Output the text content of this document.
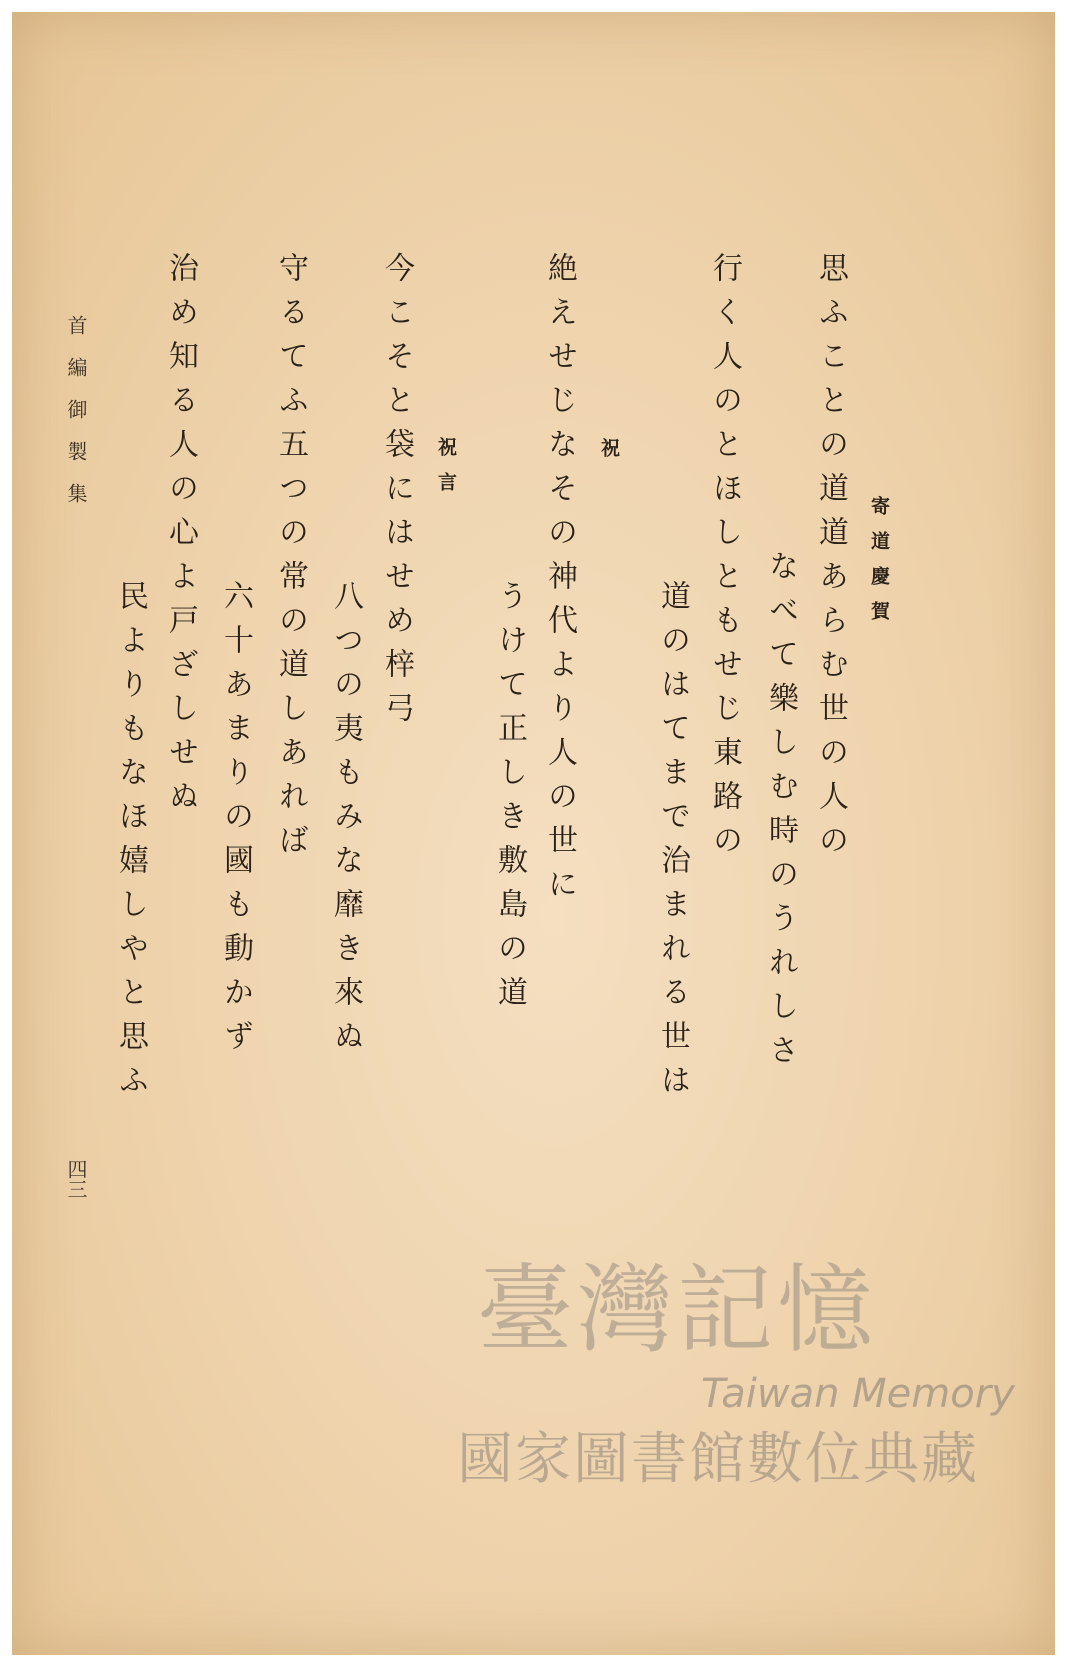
寄道慶賀
思ふことの道道あらむ世の人の
なべて樂しむ時のうれしさ
行く人のとほしともせじ東路の
道のはてまで治まれる世は
祝
絶えせじなその神代より人の世に
うけて正しき敷島の道
祝言
今こそと袋にはせめ梓弓
八つの夷もみな靡き來ぬ
守るてふ五つの常の道しあれば
六十あまりの國も動かず
治め知る人の心よ戸ざしせぬ
民よりもなほ嬉しやと思ふ
首編御製集
四三
臺灣記憶
Taiwan Memory
國家圖書館數位典藏
